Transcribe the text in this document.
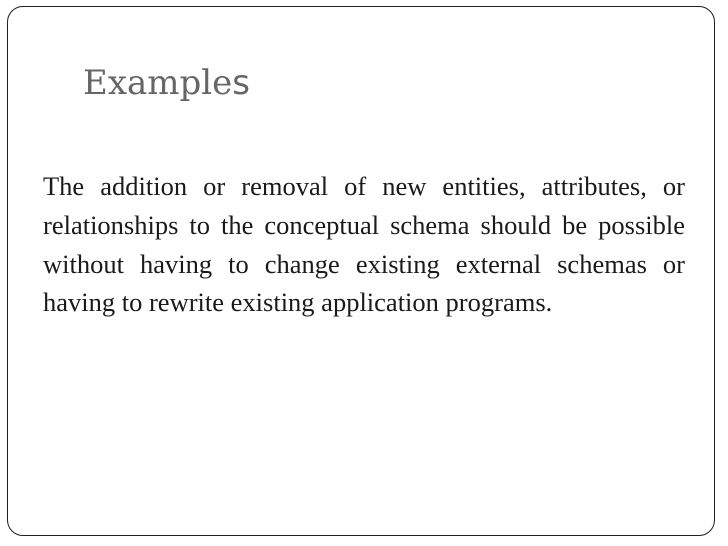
Examples

The addition or removal of new entities, attributes, or relationships to the conceptual schema should be possible without having to change existing external schemas or having to rewrite existing application programs.
